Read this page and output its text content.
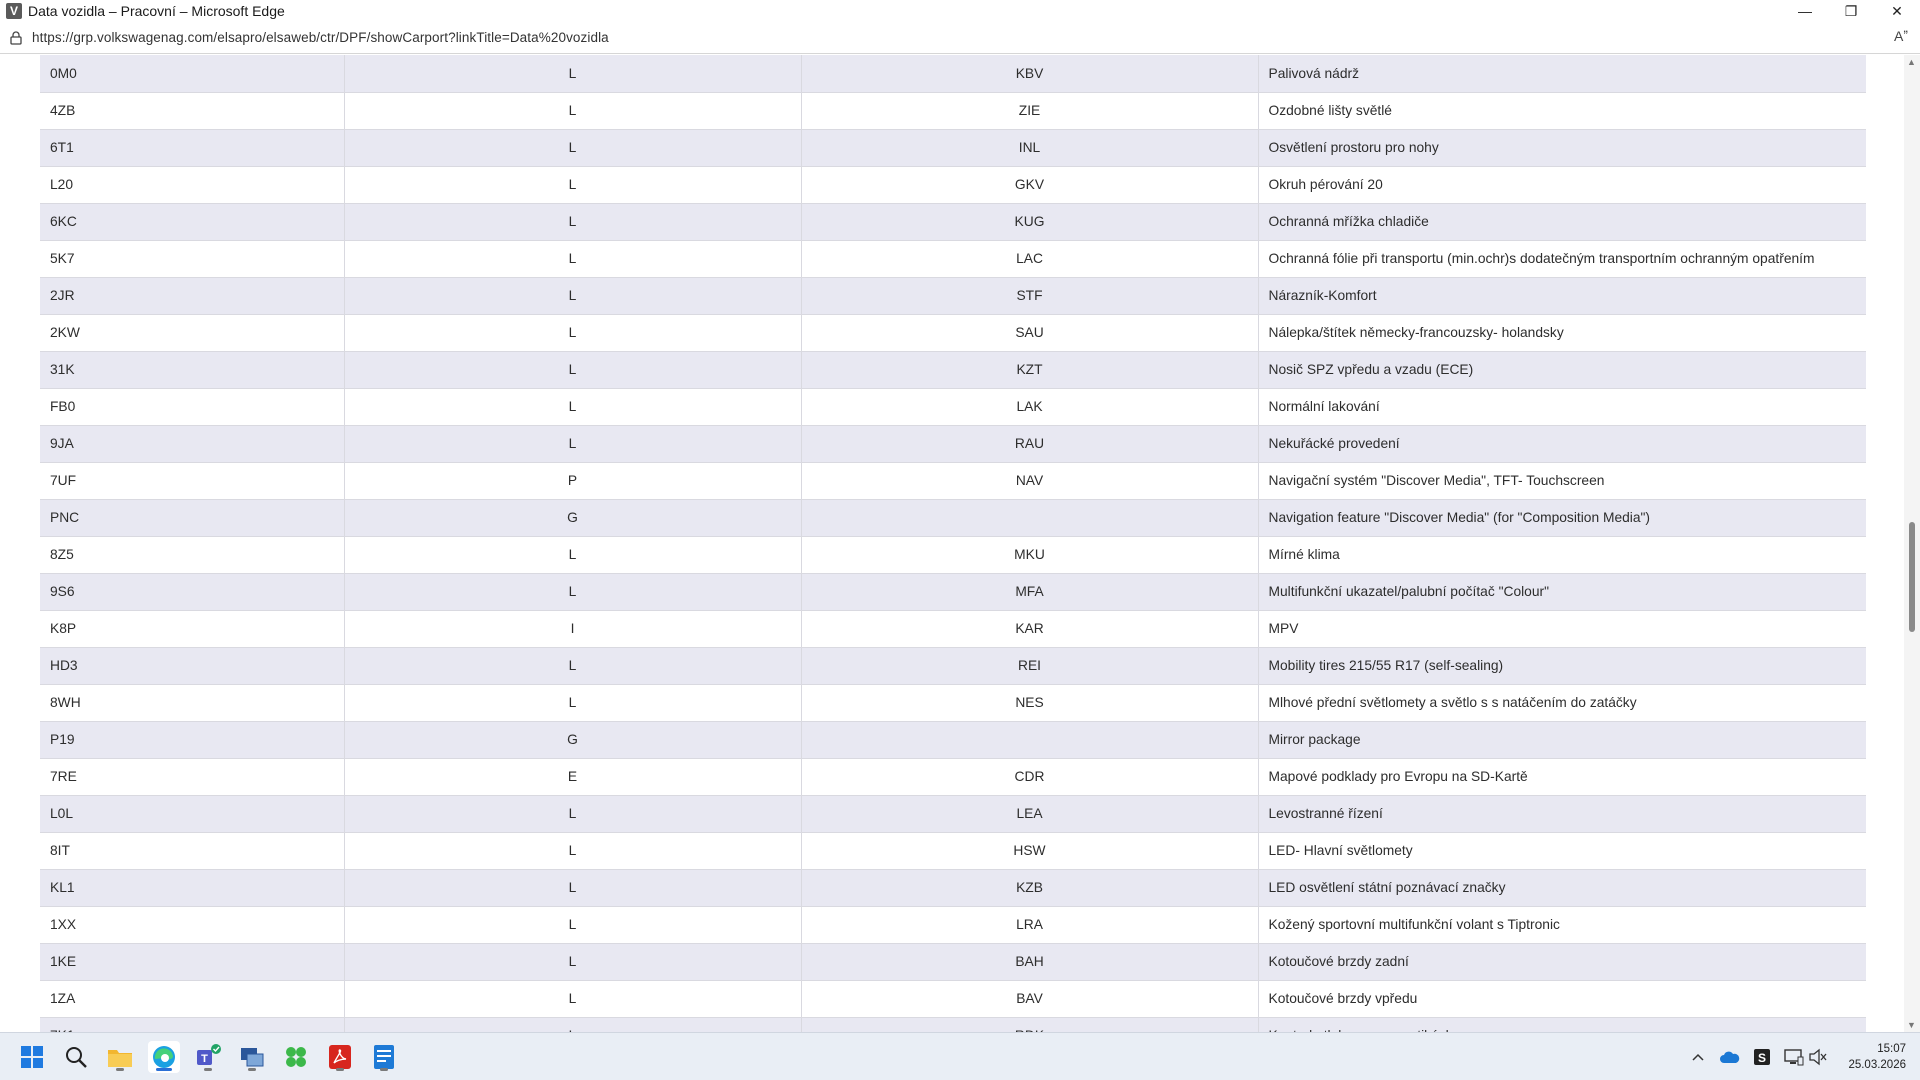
V Data vozidla – Pracovní – Microsoft Edge	—	❐	✕
https://grp.volkswagenag.com/elsapro/elsaweb/ctr/DPF/showCarport?linkTitle=Data%20vozidla	Aˮ
0M0	L	KBV	Palivová nádrž
4ZB	L	ZIE	Ozdobné lišty světlé
6T1	L	INL	Osvětlení prostoru pro nohy
L20	L	GKV	Okruh pérování 20
6KC	L	KUG	Ochranná mřížka chladiče
5K7	L	LAC	Ochranná fólie při transportu (min.ochr)s dodatečným transportním ochranným opatřením
2JR	L	STF	Nárazník-Komfort
2KW	L	SAU	Nálepka/štítek německy-francouzsky- holandsky
31K	L	KZT	Nosič SPZ vpředu a vzadu (ECE)
FB0	L	LAK	Normální lakování
9JA	L	RAU	Nekuřácké provedení
7UF	P	NAV	Navigační systém "Discover Media", TFT- Touchscreen
PNC	G		Navigation feature "Discover Media" (for "Composition Media")
8Z5	L	MKU	Mírné klima
9S6	L	MFA	Multifunkční ukazatel/palubní počítač "Colour"
K8P	I	KAR	MPV
HD3	L	REI	Mobility tires 215/55 R17 (self-sealing)
8WH	L	NES	Mlhové přední světlomety a světlo s s natáčením do zatáčky
P19	G		Mirror package
7RE	E	CDR	Mapové podklady pro Evropu na SD-Kartě
L0L	L	LEA	Levostranné řízení
8IT	L	HSW	LED- Hlavní světlomety
KL1	L	KZB	LED osvětlení státní poznávací značky
1XX	L	LRA	Kožený sportovní multifunkční volant s Tiptronic
1KE	L	BAH	Kotoučové brzdy zadní
1ZA	L	BAV	Kotoučové brzdy vpředu

▲
▼
T	S
15:07
25.03.2026
